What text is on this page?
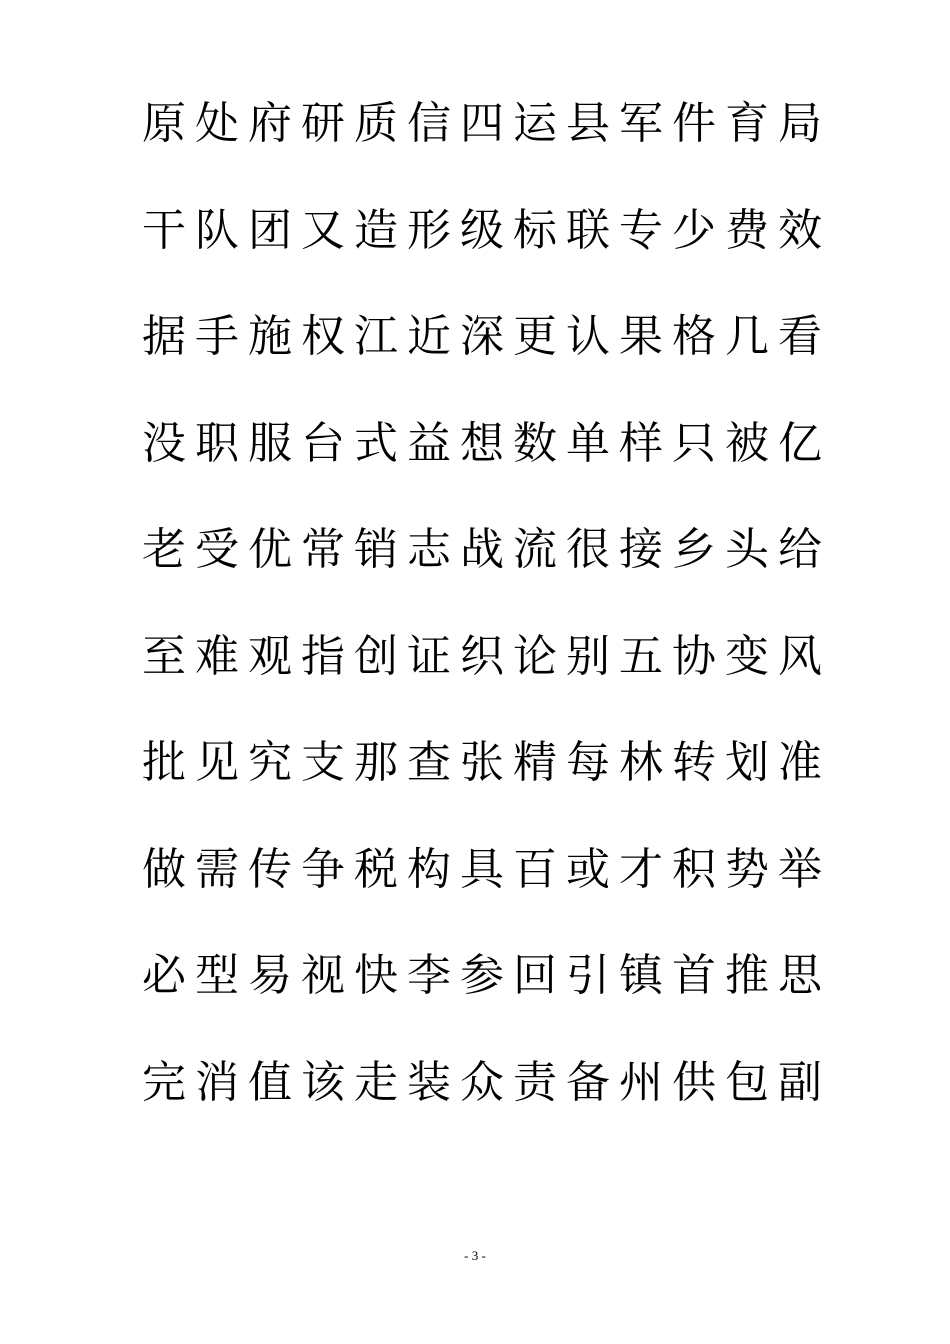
原处府研质信四运县军件育局
干队团又造形级标联专少费效
据手施权江近深更认果格几看
没职服台式益想数单样只被亿
老受优常销志战流很接乡头给
至难观指创证织论别五协变风
批见究支那查张精每林转划准
做需传争税构具百或才积势举
必型易视快李参回引镇首推思
完消值该走装众责备州供包副
- 3 -
